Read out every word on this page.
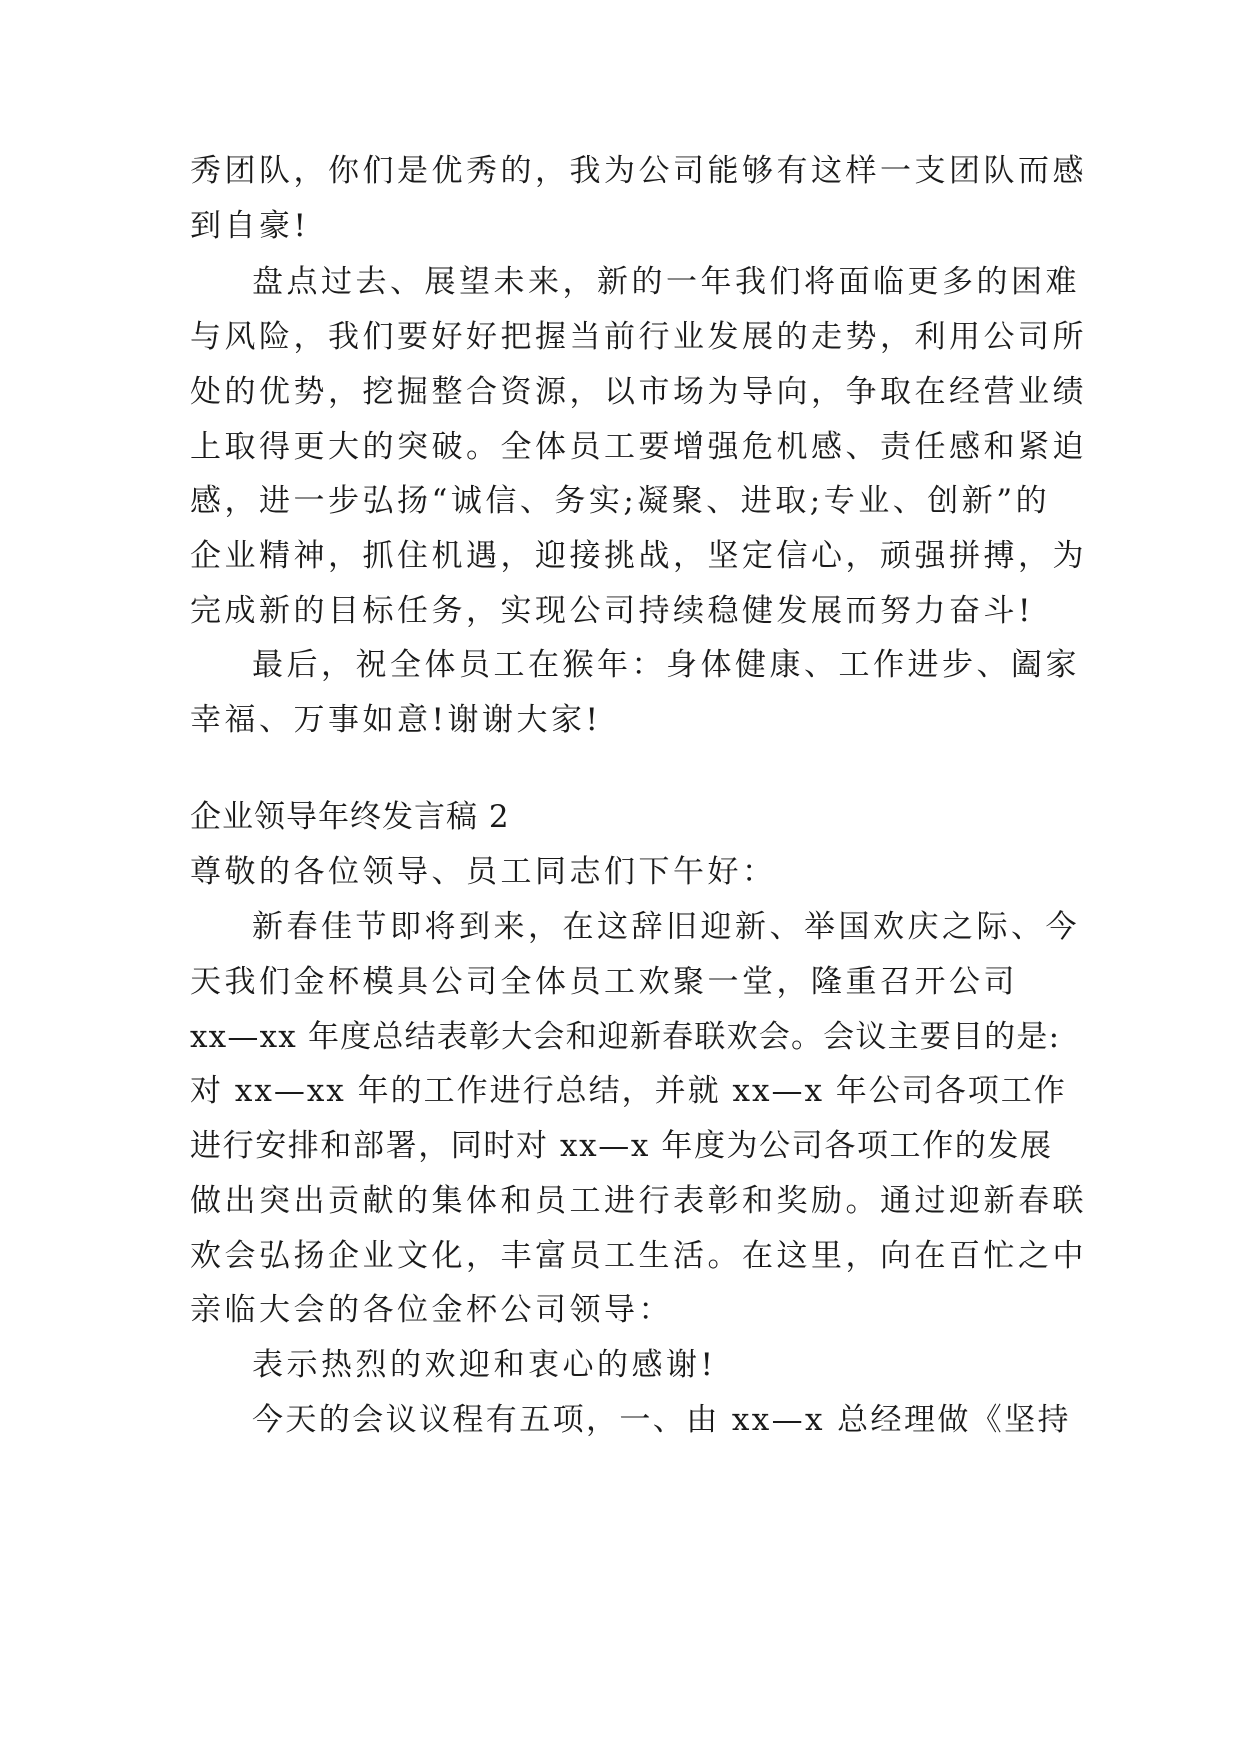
秀团队，你们是优秀的，我为公司能够有这样一支团队而感
到自豪!
盘点过去、展望未来，新的一年我们将面临更多的困难
与风险，我们要好好把握当前行业发展的走势，利用公司所
处的优势，挖掘整合资源，以市场为导向，争取在经营业绩
上取得更大的突破。全体员工要增强危机感、责任感和紧迫
感，进一步弘扬“诚信、务实;凝聚、进取;专业、创新”的
企业精神，抓住机遇，迎接挑战，坚定信心，顽强拼搏，为
完成新的目标任务，实现公司持续稳健发展而努力奋斗!
最后，祝全体员工在猴年：身体健康、工作进步、阖家
幸福、万事如意!谢谢大家!
企业领导年终发言稿 2
尊敬的各位领导、员工同志们下午好：
新春佳节即将到来，在这辞旧迎新、举国欢庆之际、今
天我们金杯模具公司全体员工欢聚一堂，隆重召开公司
xx—xx 年度总结表彰大会和迎新春联欢会。会议主要目的是:
对 xx—xx 年的工作进行总结，并就 xx—x 年公司各项工作
进行安排和部署，同时对 xx—x 年度为公司各项工作的发展
做出突出贡献的集体和员工进行表彰和奖励。通过迎新春联
欢会弘扬企业文化，丰富员工生活。在这里，向在百忙之中
亲临大会的各位金杯公司领导：
表示热烈的欢迎和衷心的感谢!
今天的会议议程有五项，一、由 xx—x 总经理做《坚持
